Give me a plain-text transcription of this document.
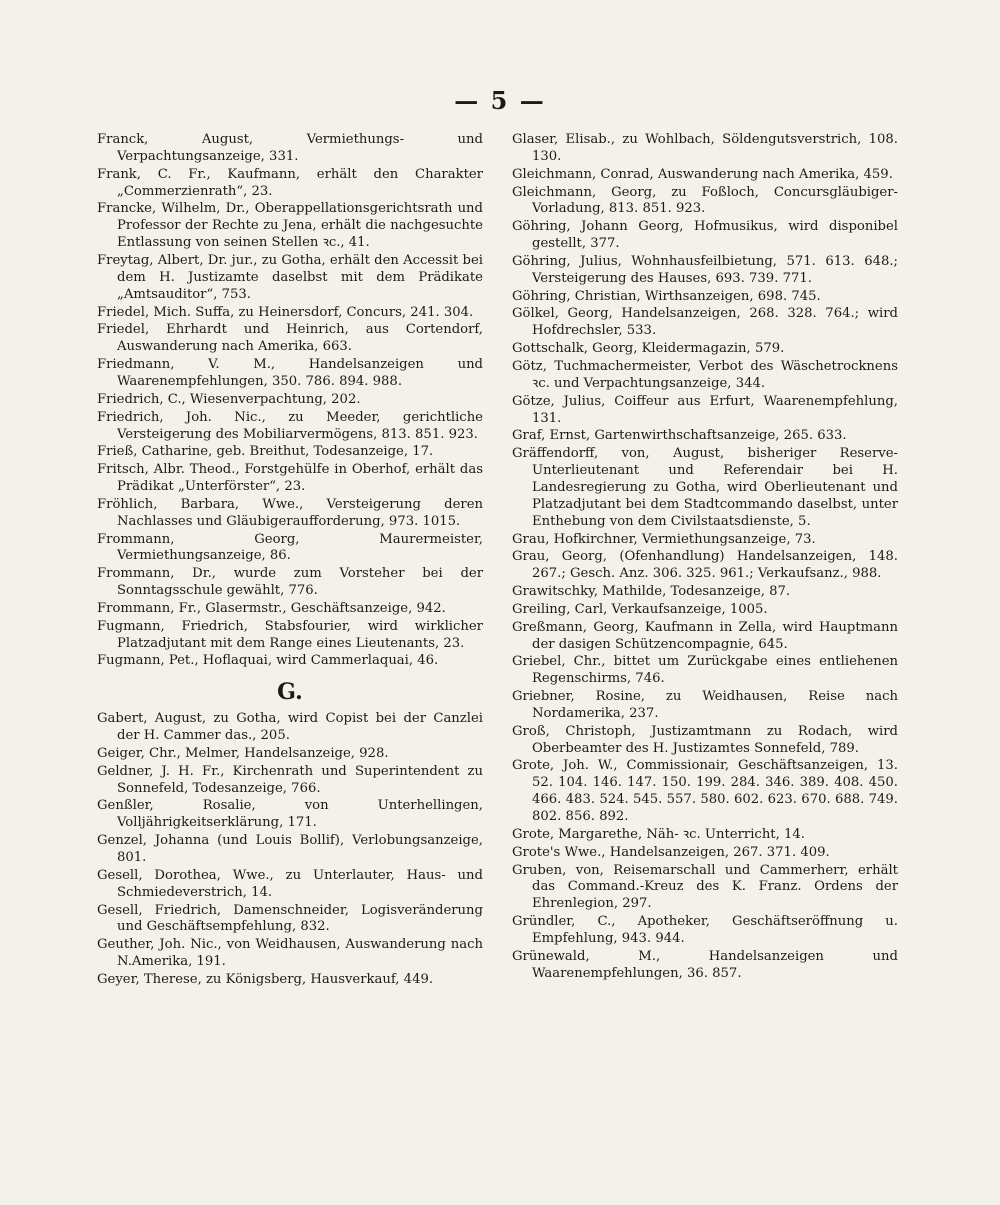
— 5 —

Franck, August, Vermiethungs- und Verpachtungsanzeige, 331.

Frank, C. Fr., Kaufmann, erhält den Charakter „Commerzienrath“, 23.

Francke, Wilhelm, Dr., Oberappellationsgerichtsrath und Professor der Rechte zu Jena, erhält die nachgesuchte Entlassung von seinen Stellen ꝛc., 41.

Freytag, Albert, Dr. jur., zu Gotha, erhält den Accessit bei dem H. Justizamte daselbst mit dem Prädikate „Amtsauditor“, 753.

Friedel, Mich. Suffa, zu Heinersdorf, Concurs, 241. 304.

Friedel, Ehrhardt und Heinrich, aus Cortendorf, Auswanderung nach Amerika, 663.

Friedmann, V. M., Handelsanzeigen und Waarenempfehlungen, 350. 786. 894. 988.

Friedrich, C., Wiesenverpachtung, 202.

Friedrich, Joh. Nic., zu Meeder, gerichtliche Versteigerung des Mobiliarvermögens, 813. 851. 923.

Frieß, Catharine, geb. Breithut, Todesanzeige, 17.

Fritsch, Albr. Theod., Forstgehülfe in Oberhof, erhält das Prädikat „Unterförster“, 23.

Fröhlich, Barbara, Wwe., Versteigerung deren Nachlasses und Gläubigeraufforderung, 973. 1015.

Frommann, Georg, Maurermeister, Vermiethungsanzeige, 86.

Frommann, Dr., wurde zum Vorsteher bei der Sonntagsschule gewählt, 776.

Frommann, Fr., Glasermstr., Geschäftsanzeige, 942.

Fugmann, Friedrich, Stabsfourier, wird wirklicher Platzadjutant mit dem Range eines Lieutenants, 23.

Fugmann, Pet., Hoflaquai, wird Cammerlaquai, 46.

G.

Gabert, August, zu Gotha, wird Copist bei der Canzlei der H. Cammer das., 205.

Geiger, Chr., Melmer, Handelsanzeige, 928.

Geldner, J. H. Fr., Kirchenrath und Superintendent zu Sonnefeld, Todesanzeige, 766.

Genßler, Rosalie, von Unterhellingen, Volljährigkeitserklärung, 171.

Genzel, Johanna (und Louis Bollif), Verlobungsanzeige, 801.

Gesell, Dorothea, Wwe., zu Unterlauter, Haus- und Schmiedeverstrich, 14.

Gesell, Friedrich, Damenschneider, Logisveränderung und Geschäftsempfehlung, 832.

Geuther, Joh. Nic., von Weidhausen, Auswanderung nach N.Amerika, 191.

Geyer, Therese, zu Königsberg, Hausverkauf, 449.

Glaser, Elisab., zu Wohlbach, Söldengutsverstrich, 108. 130.

Gleichmann, Conrad, Auswanderung nach Amerika, 459.

Gleichmann, Georg, zu Foßloch, Concursgläubiger-Vorladung, 813. 851. 923.

Göhring, Johann Georg, Hofmusikus, wird disponibel gestellt, 377.

Göhring, Julius, Wohnhausfeilbietung, 571. 613. 648.; Versteigerung des Hauses, 693. 739. 771.

Göhring, Christian, Wirthsanzeigen, 698. 745.

Gölkel, Georg, Handelsanzeigen, 268. 328. 764.; wird Hofdrechsler, 533.

Gottschalk, Georg, Kleidermagazin, 579.

Götz, Tuchmachermeister, Verbot des Wäschetrocknens ꝛc. und Verpachtungsanzeige, 344.

Götze, Julius, Coiffeur aus Erfurt, Waarenempfehlung, 131.

Graf, Ernst, Gartenwirthschaftsanzeige, 265. 633.

Gräffendorff, von, August, bisheriger Reserve-Unterlieutenant und Referendair bei H. Landesregierung zu Gotha, wird Oberlieutenant und Platzadjutant bei dem Stadtcommando daselbst, unter Enthebung von dem Civilstaatsdienste, 5.

Grau, Hofkirchner, Vermiethungsanzeige, 73.

Grau, Georg, (Ofenhandlung) Handelsanzeigen, 148. 267.; Gesch. Anz. 306. 325. 961.; Verkaufsanz., 988.

Grawitschky, Mathilde, Todesanzeige, 87.

Greiling, Carl, Verkaufsanzeige, 1005.

Greßmann, Georg, Kaufmann in Zella, wird Hauptmann der dasigen Schützencompagnie, 645.

Griebel, Chr., bittet um Zurückgabe eines entliehenen Regenschirms, 746.

Griebner, Rosine, zu Weidhausen, Reise nach Nordamerika, 237.

Groß, Christoph, Justizamtmann zu Rodach, wird Oberbeamter des H. Justizamtes Sonnefeld, 789.

Grote, Joh. W., Commissionair, Geschäftsanzeigen, 13. 52. 104. 146. 147. 150. 199. 284. 346. 389. 408. 450. 466. 483. 524. 545. 557. 580. 602. 623. 670. 688. 749. 802. 856. 892.

Grote, Margarethe, Näh- ꝛc. Unterricht, 14.

Grote's Wwe., Handelsanzeigen, 267. 371. 409.

Gruben, von, Reisemarschall und Cammerherr, erhält das Command.-Kreuz des K. Franz. Ordens der Ehrenlegion, 297.

Gründler, C., Apotheker, Geschäftseröffnung u. Empfehlung, 943. 944.

Grünewald, M., Handelsanzeigen und Waarenempfehlungen, 36. 857.
